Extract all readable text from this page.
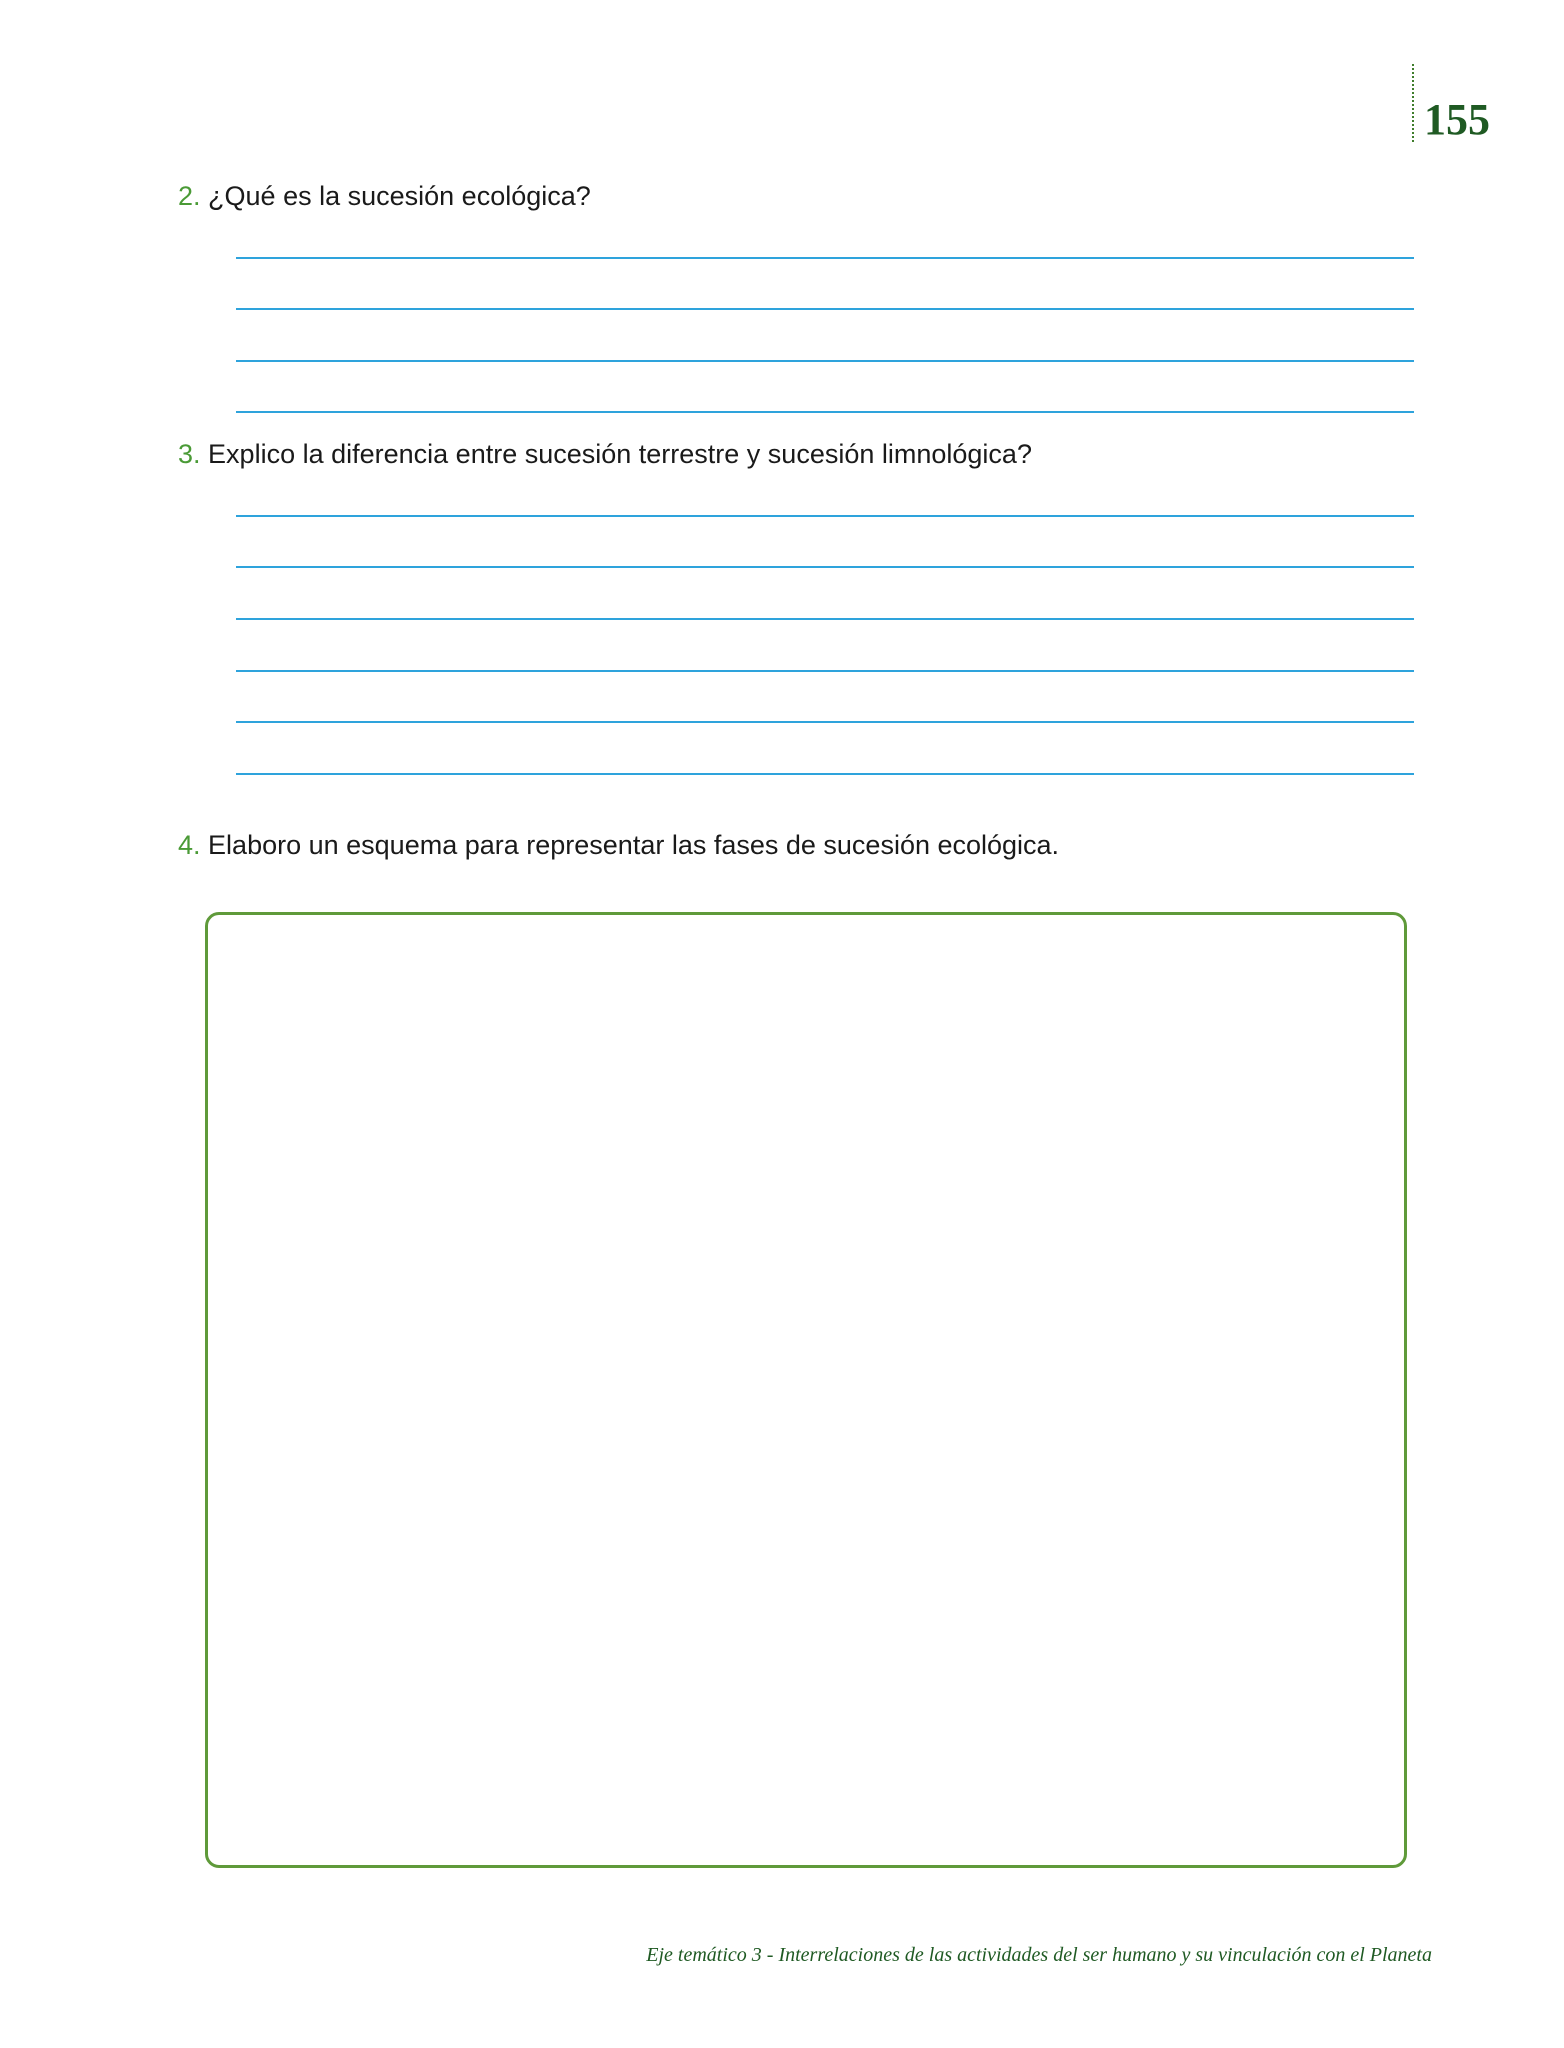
155
2. ¿Qué es la sucesión ecológica?
3. Explico la diferencia entre sucesión terrestre y sucesión limnológica?
4. Elaboro un esquema para representar las fases de sucesión ecológica.
Eje temático 3 - Interrelaciones de las actividades del ser humano y su vinculación con el Planeta
